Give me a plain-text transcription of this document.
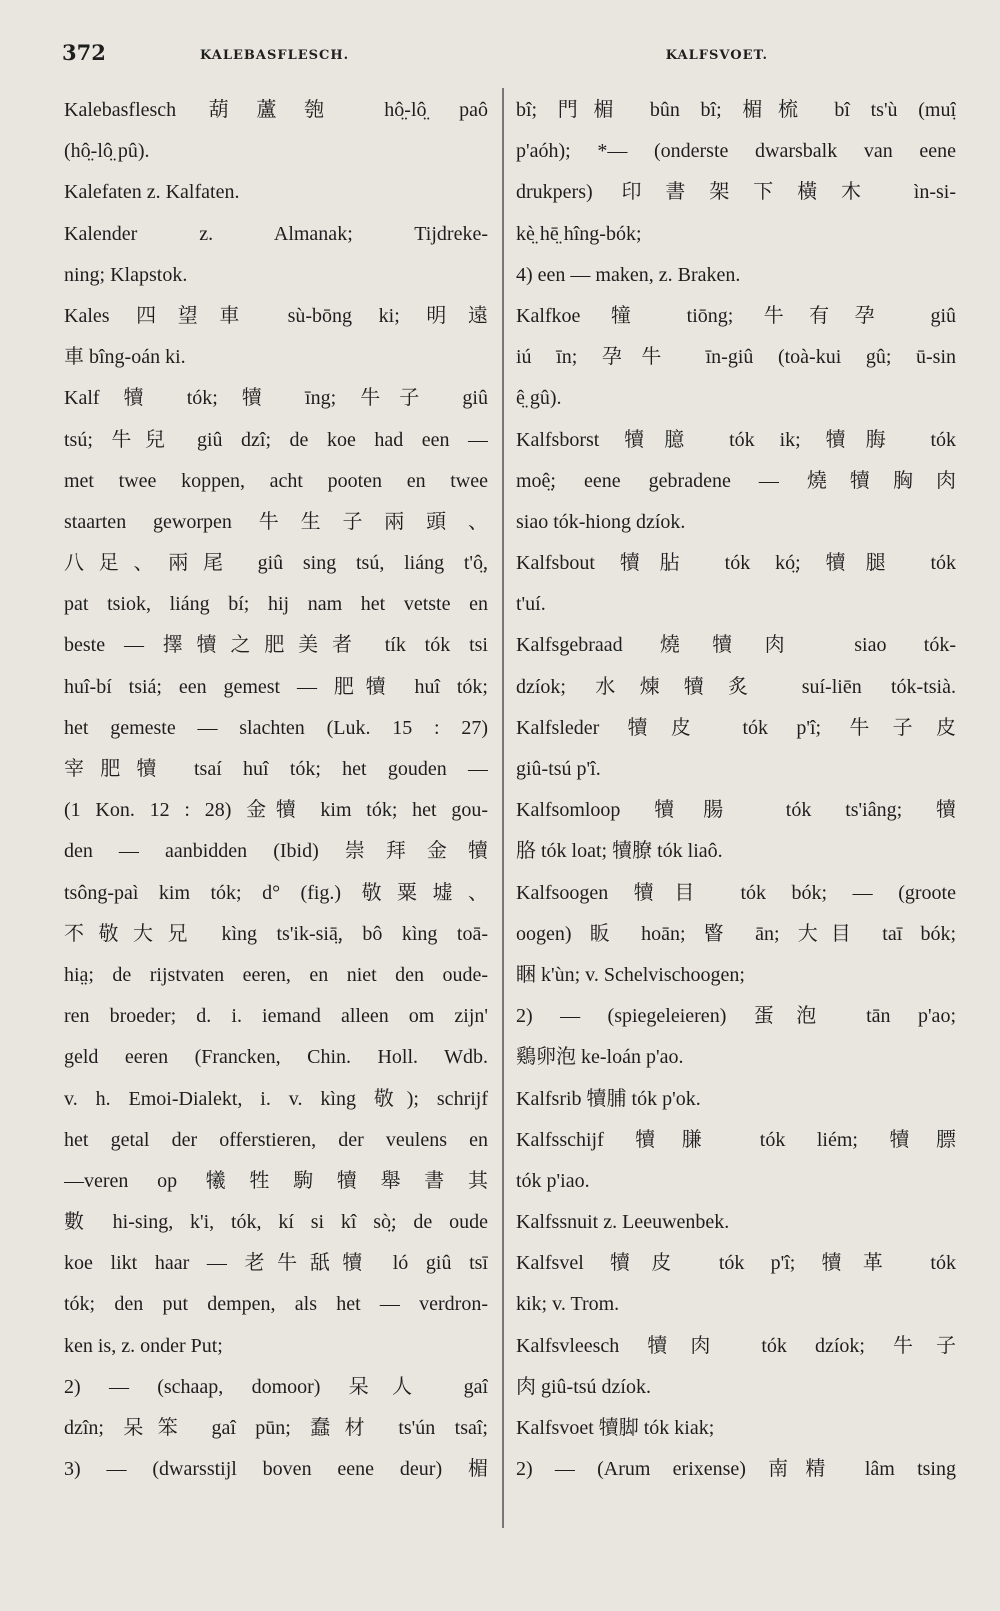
372	KALEBASFLESCH.	KALFSVOET.
Kalebasflesch 葫蘆匏 hô̤-lô̤ paô
(hô̤-lô̤ pû).
Kalefaten z. Kalfaten.
Kalender z. Almanak; Tijdreke-
ning; Klapstok.
Kales 四望車 sù-bōng ki; 明遠
車 bîng-oán ki.
Kalf 犢 tók; 犢 īng; 牛子 giû
tsú; 牛兒 giû dzî; de koe had een —
met twee koppen, acht pooten en twee
staarten geworpen 牛生子兩頭、
八足、兩尾 giû sing tsú, liáng t'ô̤,
pat tsiok, liáng bí; hij nam het vetste en
beste — 擇犢之肥美者 tík tók tsi
huî-bí tsiá; een gemest — 肥犢 huî tók;
het gemeste — slachten (Luk. 15 : 27)
宰肥犢 tsaí huî tók; het gouden —
(1 Kon. 12 : 28) 金犢 kim tók; het gou-
den — aanbidden (Ibid) 崇拜金犢
tsông-paì kim tók; d° (fig.) 敬粟墟、
不敬大兄 kìng ts'ik-siā̤, bô kìng toā-
hia̤; de rijstvaten eeren, en niet den oude-
ren broeder; d. i. iemand alleen om zijn'
geld eeren (Francken, Chin. Holl. Wdb.
v. h. Emoi-Dialekt, i. v. kìng 敬); schrijf
het getal der offerstieren, der veulens en
—veren op 犧牲駒犢舉書其
數 hi-sing, k'i, tók, kí si kî sò̤; de oude
koe likt haar — 老牛舐犢 ló giû tsī
tók; den put dempen, als het — verdron-
ken is, z. onder Put;
2) — (schaap, domoor) 呆人 gaî
dzîn; 呆笨 gaî pūn; 蠢材 ts'ún tsaî;
3) — (dwarsstijl boven eene deur) 楣
bî; 門楣 bûn bî; 楣梳 bî ts'ù (muî̤
p'aóh); *— (onderste dwarsbalk van eene
drukpers) 印書架下橫木 ìn-si-
kè̤ hē̤ hîng-bók;
4) een — maken, z. Braken.
Kalfkoe 犝 tiōng; 牛有孕 giû
iú īn; 孕牛 īn-giû (toà-kui gû; ū-sin
ê̤ gû).
Kalfsborst 犢臆 tók ik; 犢脢 tók
moê̤; eene gebradene — 燒犢胸肉
siao tók-hiong dzíok.
Kalfsbout 犢胋 tók kó̤; 犢腿 tók
t'uí.
Kalfsgebraad 燒犢肉 siao tók-
dzíok; 水煉犢炙 suí-liēn tók-tsià.
Kalfsleder 犢皮 tók p'î; 牛子皮
giû-tsú p'î.
Kalfsomloop 犢腸 tók ts'iâng; 犢
胳 tók loat; 犢膫 tók liaô.
Kalfsoogen 犢目 tók bók; — (groote
oogen) 眅 hoān; 睯 ān; 大目 taī bók;
睏 k'ùn; v. Schelvischoogen;
2) — (spiegeleieren) 蛋泡 tān p'ao;
鷄卵泡 ke-loán p'ao.
Kalfsrib 犢脯 tók p'ok.
Kalfsschijf 犢膁 tók liém; 犢膘
tók p'iao.
Kalfssnuit z. Leeuwenbek.
Kalfsvel 犢皮 tók p'î; 犢革 tók
kik; v. Trom.
Kalfsvleesch 犢肉 tók dzíok; 牛子
肉 giû-tsú dzíok.
Kalfsvoet 犢脚 tók kiak;
2) — (Arum erixense) 南精 lâm tsing
